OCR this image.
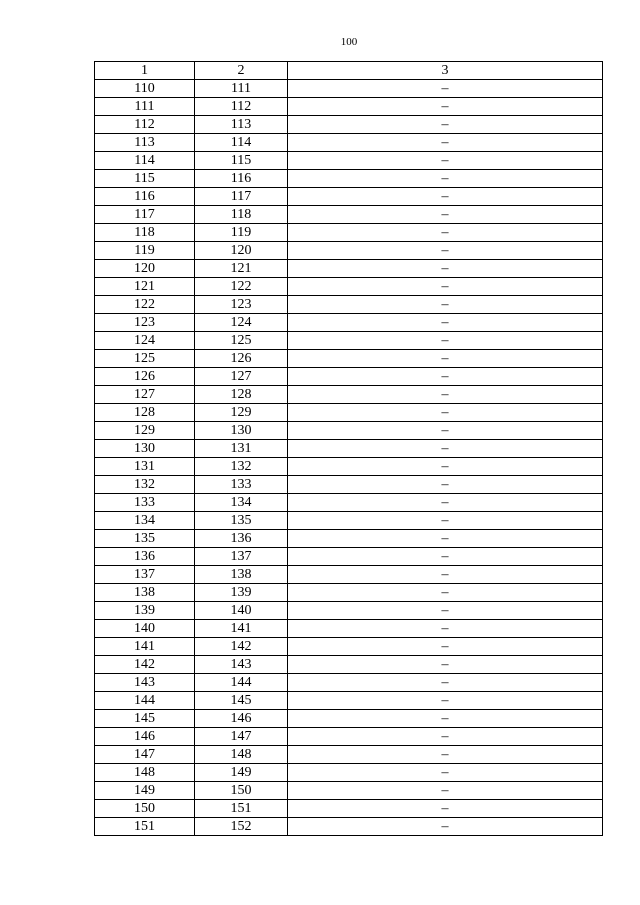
100
1	2	3
110	111	–
111	112	–
112	113	–
113	114	–
114	115	–
115	116	–
116	117	–
117	118	–
118	119	–
119	120	–
120	121	–
121	122	–
122	123	–
123	124	–
124	125	–
125	126	–
126	127	–
127	128	–
128	129	–
129	130	–
130	131	–
131	132	–
132	133	–
133	134	–
134	135	–
135	136	–
136	137	–
137	138	–
138	139	–
139	140	–
140	141	–
141	142	–
142	143	–
143	144	–
144	145	–
145	146	–
146	147	–
147	148	–
148	149	–
149	150	–
150	151	–
151	152	–
